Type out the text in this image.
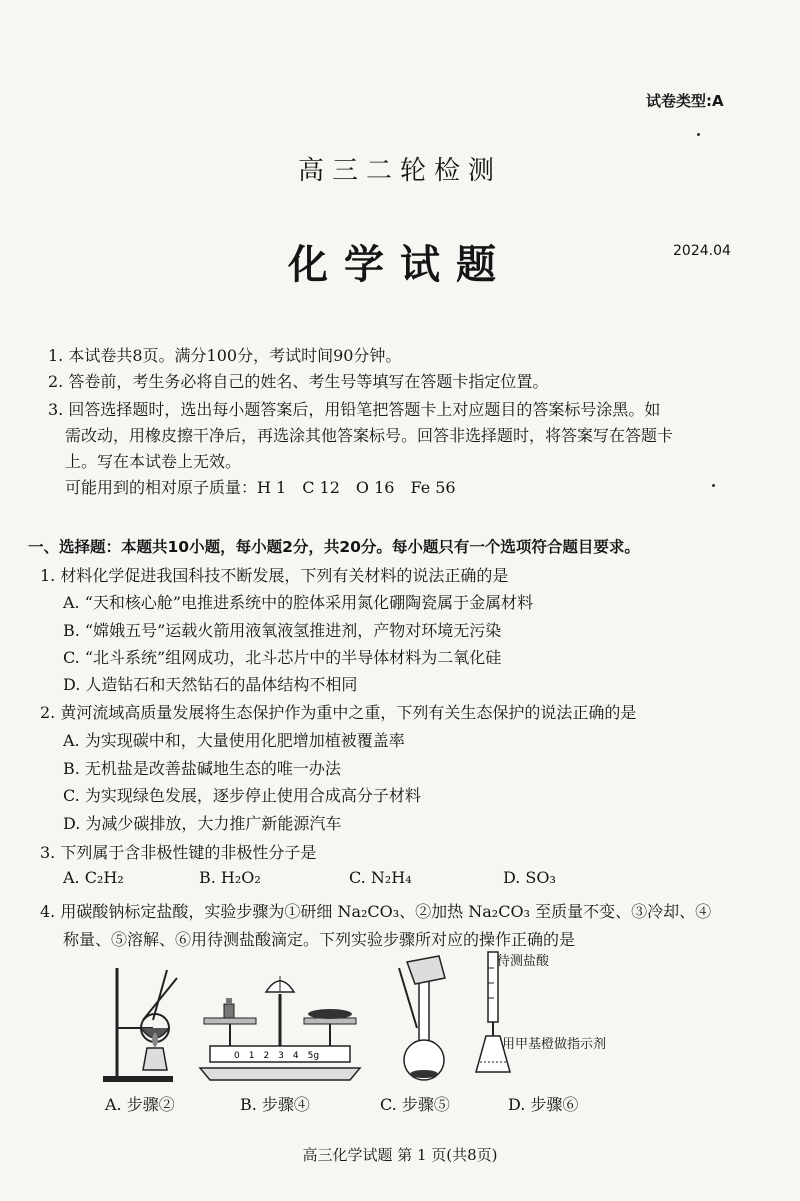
试卷类型:A
高三二轮检测
化学试题	2024.04
1. 本试卷共8页。满分100分，考试时间90分钟。
2. 答卷前，考生务必将自己的姓名、考生号等填写在答题卡指定位置。
3. 回答选择题时，选出每小题答案后，用铅笔把答题卡上对应题目的答案标号涂黑。如
需改动，用橡皮擦干净后，再选涂其他答案标号。回答非选择题时，将答案写在答题卡
上。写在本试卷上无效。
可能用到的相对原子质量：H 1　C 12　O 16　Fe 56
一、选择题：本题共10小题，每小题2分，共20分。每小题只有一个选项符合题目要求。
1. 材料化学促进我国科技不断发展，下列有关材料的说法正确的是
A. “天和核心舱”电推进系统中的腔体采用氮化硼陶瓷属于金属材料
B. “嫦娥五号”运载火箭用液氧液氢推进剂，产物对环境无污染
C. “北斗系统”组网成功，北斗芯片中的半导体材料为二氧化硅
D. 人造钻石和天然钻石的晶体结构不相同
2. 黄河流域高质量发展将生态保护作为重中之重，下列有关生态保护的说法正确的是
A. 为实现碳中和，大量使用化肥增加植被覆盖率
B. 无机盐是改善盐碱地生态的唯一办法
C. 为实现绿色发展，逐步停止使用合成高分子材料
D. 为减少碳排放，大力推广新能源汽车
3. 下列属于含非极性键的非极性分子是
A. C₂H₂	B. H₂O₂	C. N₂H₄	D. SO₃
4. 用碳酸钠标定盐酸，实验步骤为①研细 Na₂CO₃、②加热 Na₂CO₃ 至质量不变、③冷却、④
称量、⑤溶解、⑥用待测盐酸滴定。下列实验步骤所对应的操作正确的是
0　1　2　3　4　5g
待测盐酸
用甲基橙做指示剂
A. 步骤②	B. 步骤④	C. 步骤⑤	D. 步骤⑥
高三化学试题 第 1 页(共8页)
